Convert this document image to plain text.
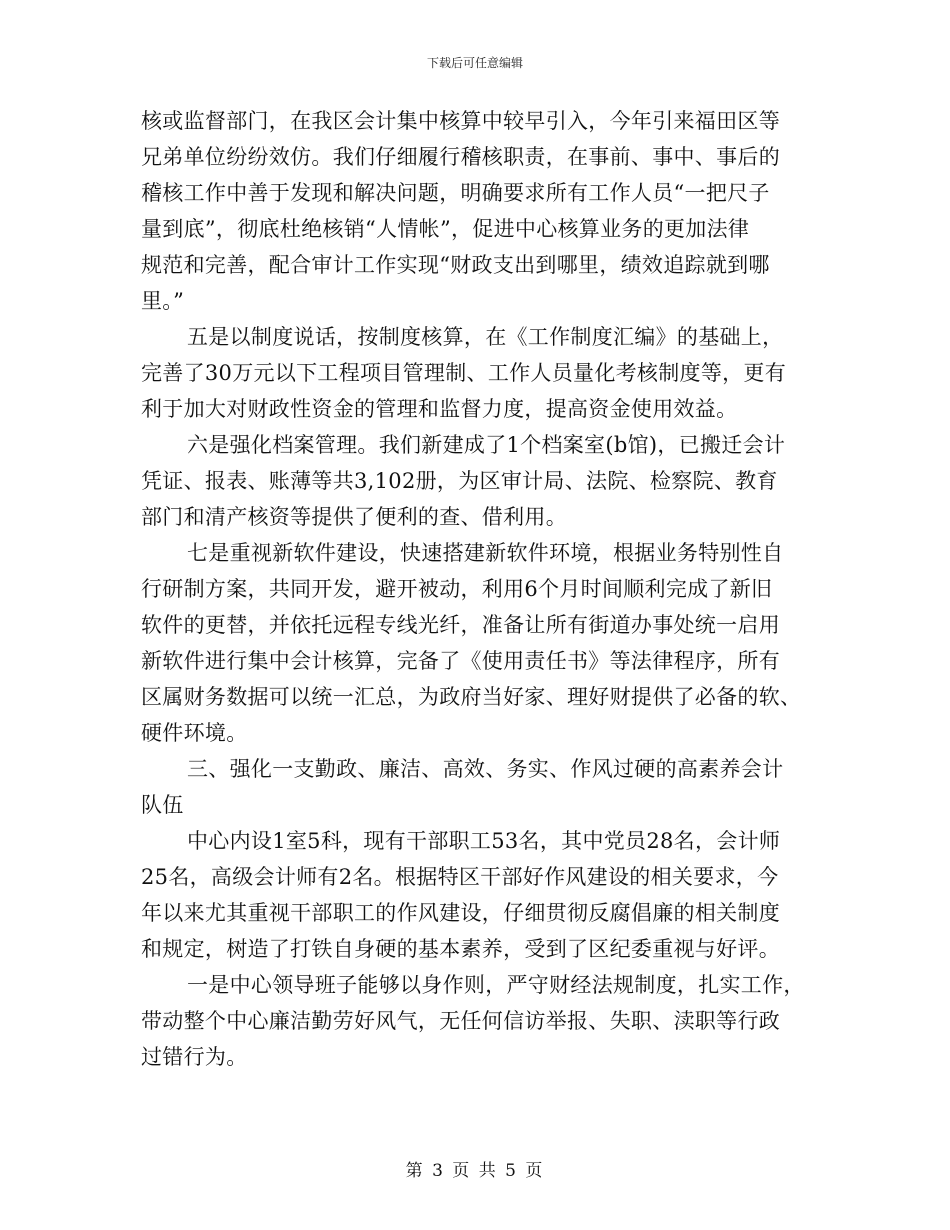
下载后可任意编辑
核或监督部门，在我区会计集中核算中较早引入，今年引来福田区等
兄弟单位纷纷效仿。我们仔细履行稽核职责，在事前、事中、事后的
稽核工作中善于发现和解决问题，明确要求所有工作人员“一把尺子
量到底”，彻底杜绝核销“人情帐”，促进中心核算业务的更加法律
规范和完善，配合审计工作实现“财政支出到哪里，绩效追踪就到哪
里。”
五是以制度说话，按制度核算，在《工作制度汇编》的基础上，
完善了30万元以下工程项目管理制、工作人员量化考核制度等，更有
利于加大对财政性资金的管理和监督力度，提高资金使用效益。
六是强化档案管理。我们新建成了1个档案室(b馆)，已搬迁会计
凭证、报表、账薄等共3,102册，为区审计局、法院、检察院、教育
部门和清产核资等提供了便利的查、借利用。
七是重视新软件建设，快速搭建新软件环境，根据业务特别性自
行研制方案，共同开发，避开被动，利用6个月时间顺利完成了新旧
软件的更替，并依托远程专线光纤，准备让所有街道办事处统一启用
新软件进行集中会计核算，完备了《使用责任书》等法律程序，所有
区属财务数据可以统一汇总，为政府当好家、理好财提供了必备的软、
硬件环境。
三、强化一支勤政、廉洁、高效、务实、作风过硬的高素养会计
队伍
中心内设1室5科，现有干部职工53名，其中党员28名，会计师
25名，高级会计师有2名。根据特区干部好作风建设的相关要求，今
年以来尤其重视干部职工的作风建设，仔细贯彻反腐倡廉的相关制度
和规定，树造了打铁自身硬的基本素养，受到了区纪委重视与好评。
一是中心领导班子能够以身作则，严守财经法规制度，扎实工作，
带动整个中心廉洁勤劳好风气，无任何信访举报、失职、渎职等行政
过错行为。
第 3 页 共 5 页
